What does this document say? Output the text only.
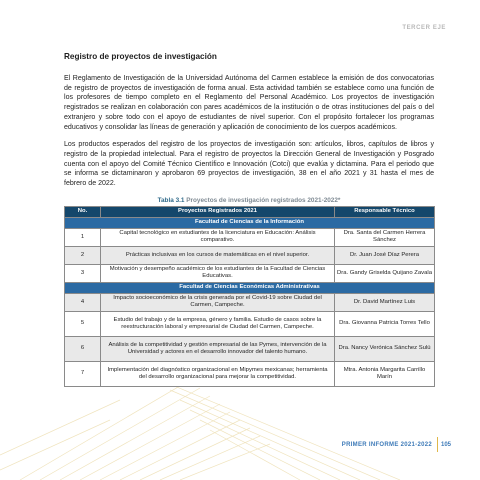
TERCER EJE
Registro de proyectos de investigación

El Reglamento de Investigación de la Universidad Autónoma del Carmen establece la emisión de dos convocatorias de registro de proyectos de investigación de forma anual. Esta actividad también se establece como una función de los profesores de tiempo completo en el Reglamento del Personal Académico. Los proyectos de investigación registrados se realizan en colaboración con pares académicos de la institución o de otras instituciones del país o del extranjero y sobre todo con el apoyo de estudiantes de nivel superior. Con el propósito fortalecer los programas educativos y consolidar las líneas de generación y aplicación de conocimiento de los cuerpos académicos.

Los productos esperados del registro de los proyectos de investigación son: artículos, libros, capítulos de libros y registro de la propiedad intelectual. Para el registro de proyectos la Dirección General de Investigación y Posgrado cuenta con el apoyo del Comité Técnico Científico e Innovación (Cotci) que evalúa y dictamina. Para el periodo que se informa se dictaminaron y aprobaron 69 proyectos de investigación, 38 en el año 2021 y 31 hasta el mes de febrero de 2022.

Tabla 3.1 Proyectos de investigación registrados 2021-2022*
No.	Proyectos Registrados 2021	Responsable Técnico
Facultad de Ciencias de la Información		
1	Capital tecnológico en estudiantes de la licenciatura en Educación: Análisis comparativo.	Dra. Santa del Carmen Herrera Sánchez
2	Prácticas inclusivas en los cursos de matemáticas en el nivel superior.	Dr. Juan José Díaz Perera
3	Motivación y desempeño académico de los estudiantes de la Facultad de Ciencias Educativas.	Dra. Gandy Griselda Quijano Zavala
Facultad de Ciencias Económicas Administrativas		
4	Impacto socioeconómico de la crisis generada por el Covid-19 sobre Ciudad del Carmen, Campeche.	Dr. David Martínez Luis
5	Estudio del trabajo y de la empresa, género y familia. Estudio de casos sobre la reestructuración laboral y empresarial de Ciudad del Carmen, Campeche.	Dra. Giovanna Patricia Torres Tello
6	Análisis de la competitividad y gestión empresarial de las Pymes, intervención de la Universidad y actores en el desarrollo innovador del talento humano.	Dra. Nancy Verónica Sánchez Sulú
7	Implementación del diagnóstico organizacional en Mipymes mexicanas; herramienta del desarrollo organizacional para mejorar la competitividad.	Mtra. Antonia Margarita Carrillo Marín
PRIMER INFORME 2021-2022 105
